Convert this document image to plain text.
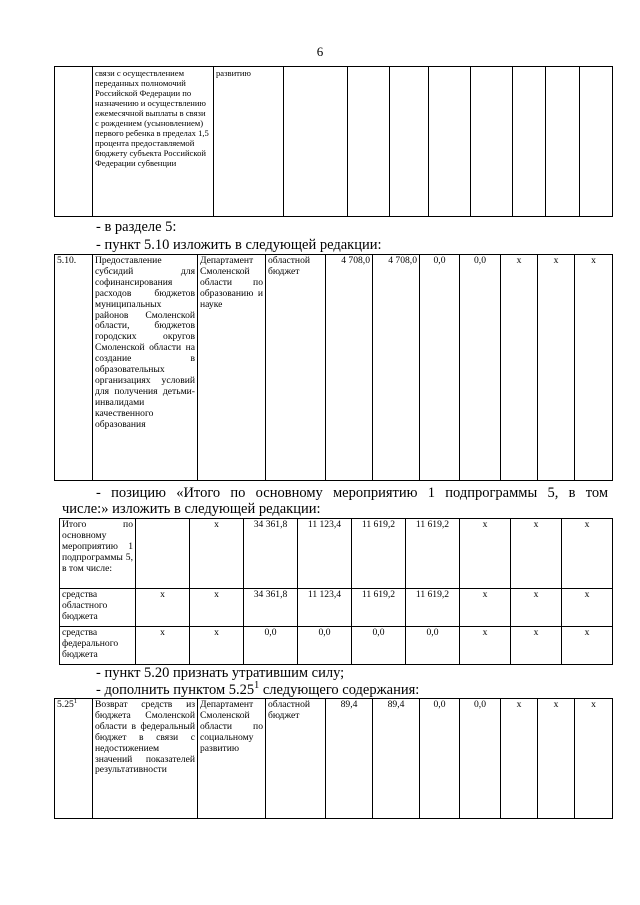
6
	связи с осуществлением переданных полномочий Российской Федерации по назначению и осуществлению ежемесячной выплаты в связи с рождением (усыновлением) первого ребенка в пределах 1,5 процента предоставляемой бюджету субъекта Российской Федерации субвенции	развитию								
- в разделе 5:
- пункт 5.10 изложить в следующей редакции:
5.10.	Предоставление субсидий для софинансирования расходов бюджетов муниципальных районов Смоленской области, бюджетов городских округов Смоленской области на создание в образовательных организациях условий для получения детьми-инвалидами качественного образования	Департамент Смоленской области по образованию и науке	областной бюджет	4 708,0	4 708,0	0,0	0,0	x	x	x
- позицию «Итого по основному мероприятию 1 подпрограммы 5, в том
числе:» изложить в следующей редакции:
Итого по основному мероприятию 1 подпрограммы 5, в том числе:		x	34 361,8	11 123,4	11 619,2	11 619,2	x	x	x
средства областного бюджета	x	x	34 361,8	11 123,4	11 619,2	11 619,2	x	x	x
средства федерального бюджета	x	x	0,0	0,0	0,0	0,0	x	x	x
- пункт 5.20 признать утратившим силу;
- дополнить пунктом 5.25$^1$ следующего содержания:
5.25$^1$	Возврат средств из бюджета Смоленской области в федеральный бюджет в связи с недостижением значений показателей результативности	Департамент Смоленской области по социальному развитию	областной бюджет	89,4	89,4	0,0	0,0	x	x	x
